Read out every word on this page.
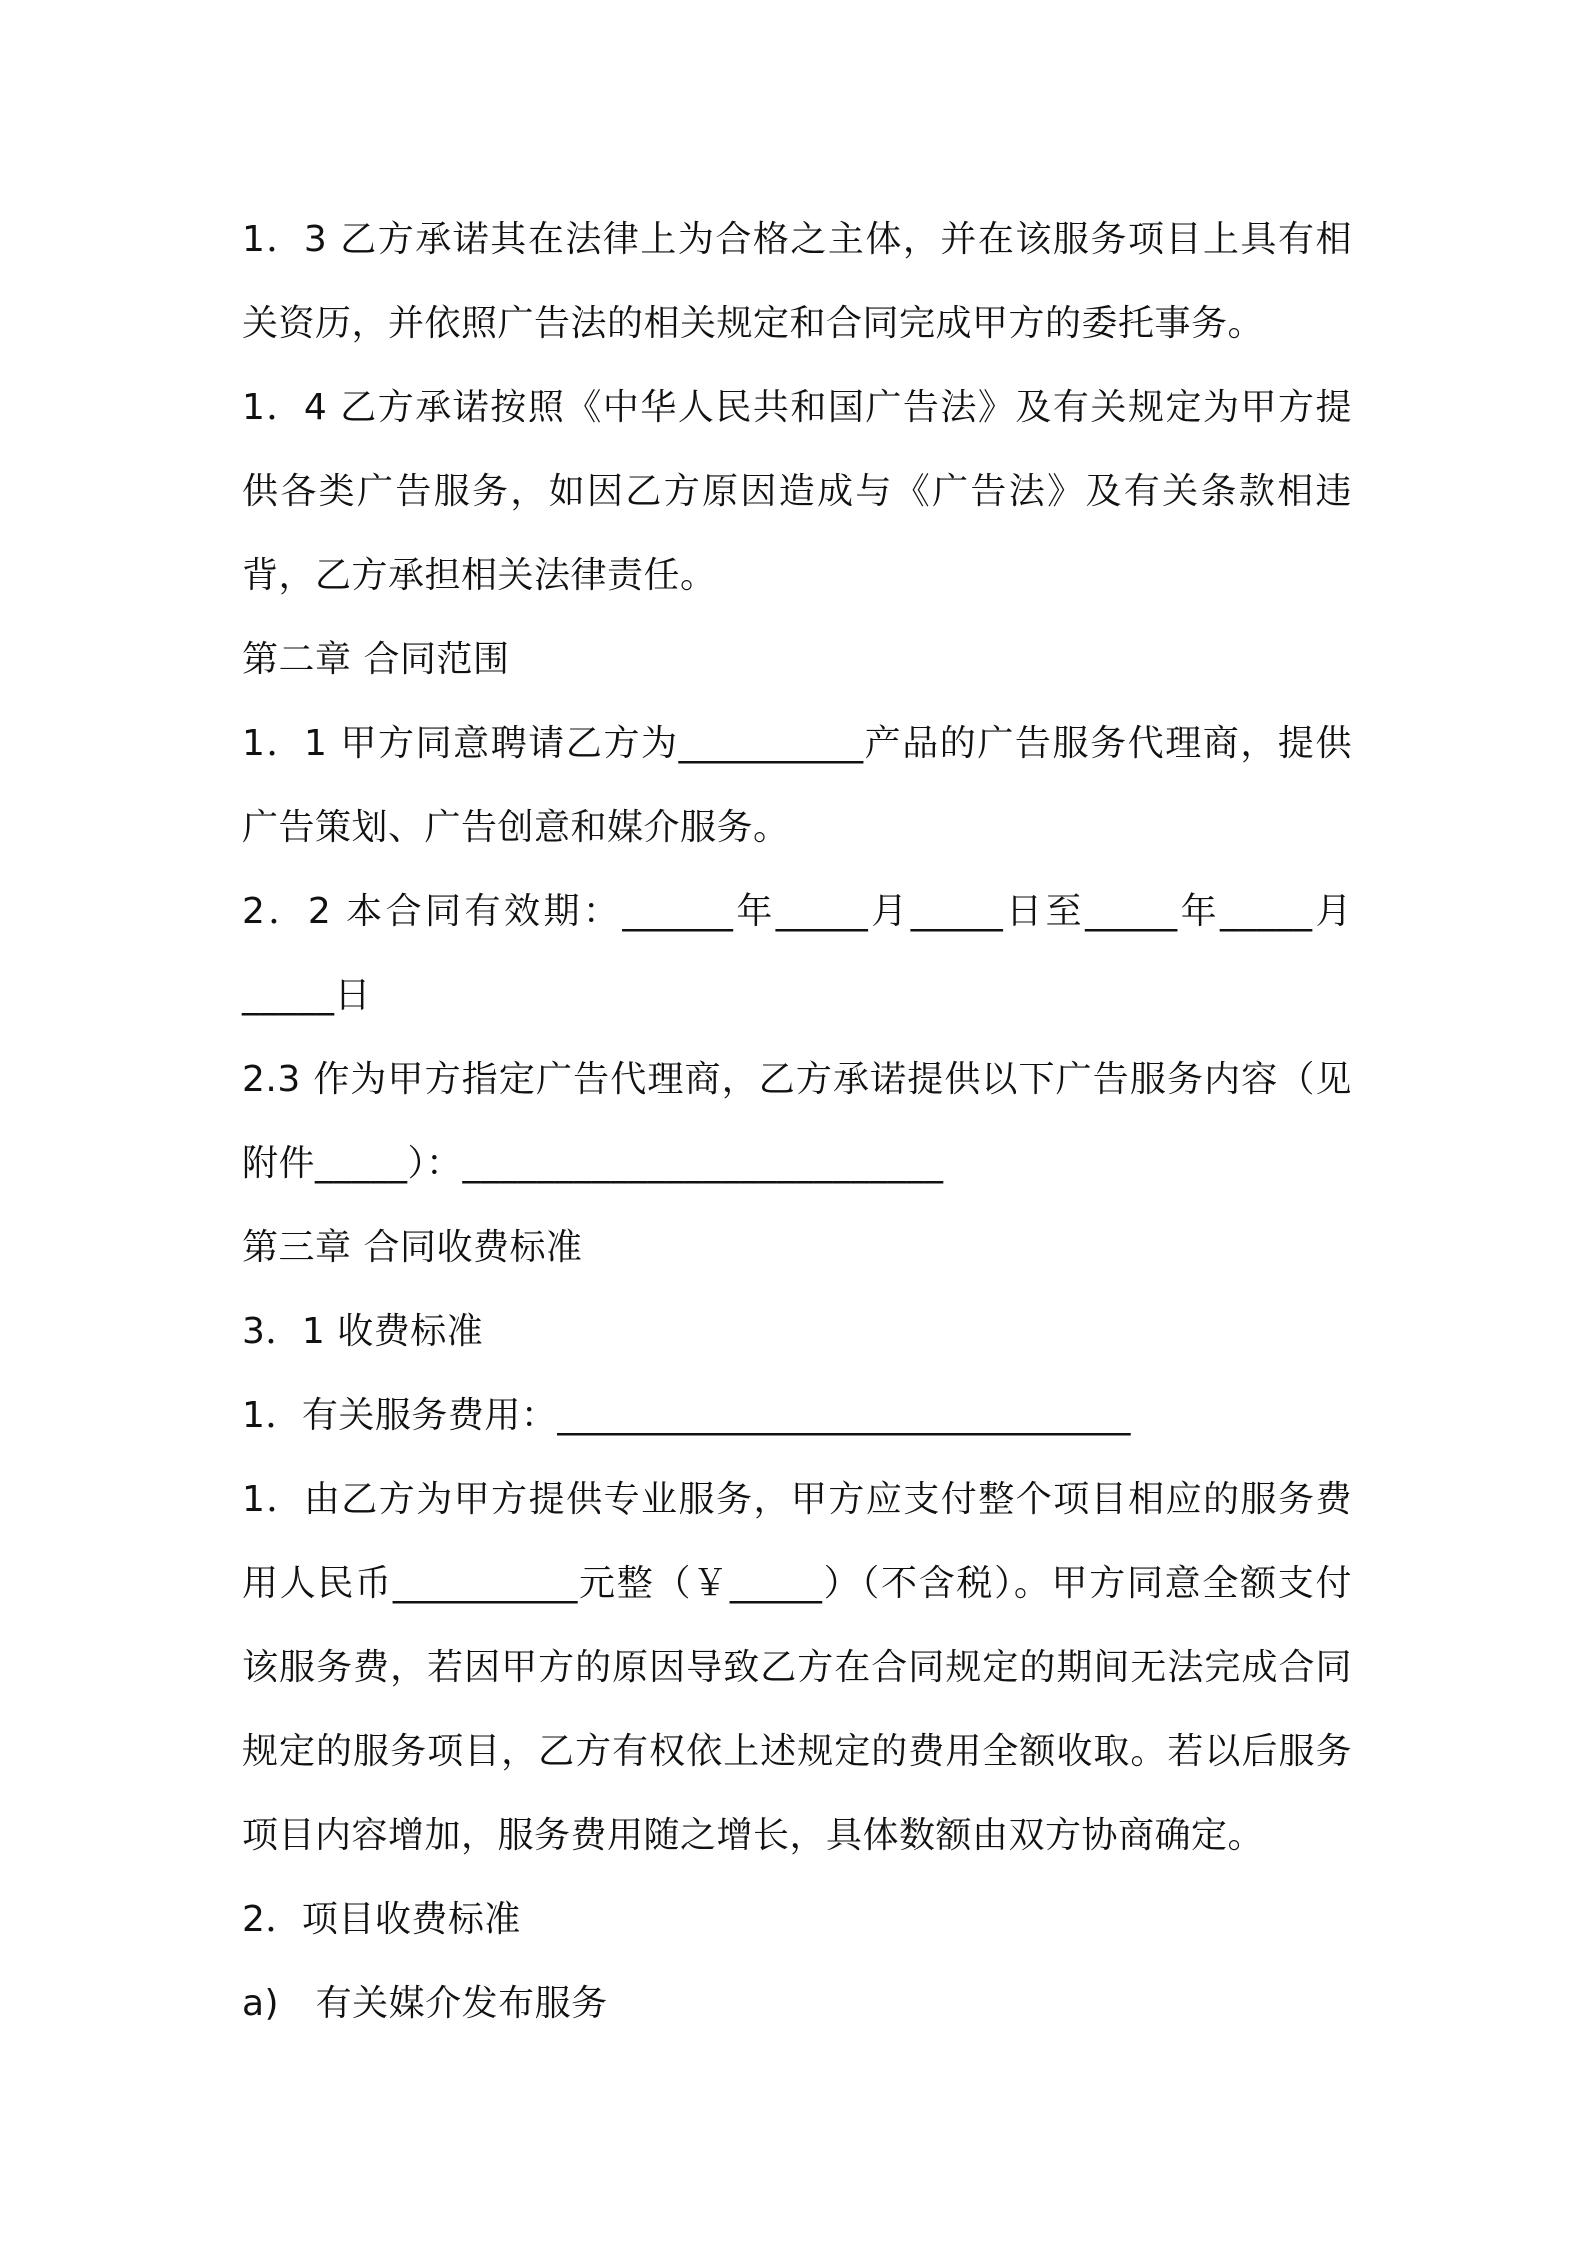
1．3 乙方承诺其在法律上为合格之主体，并在该服务项目上具有相关资历，并依照广告法的相关规定和合同完成甲方的委托事务。

1．4 乙方承诺按照《中华人民共和国广告法》及有关规定为甲方提供各类广告服务，如因乙方原因造成与《广告法》及有关条款相违背，乙方承担相关法律责任。

第二章 合同范围

1．1 甲方同意聘请乙方为__________产品的广告服务代理商，提供广告策划、广告创意和媒介服务。

2．2 本合同有效期：______年_____月_____日至_____年_____月_____日

2.3 作为甲方指定广告代理商，乙方承诺提供以下广告服务内容（见附件_____）：__________________________

第三章 合同收费标准

3．1 收费标准

1．有关服务费用：_______________________________

1．由乙方为甲方提供专业服务，甲方应支付整个项目相应的服务费用人民币__________元整（￥_____）（不含税）。甲方同意全额支付该服务费，若因甲方的原因导致乙方在合同规定的期间无法完成合同规定的服务项目，乙方有权依上述规定的费用全额收取。若以后服务项目内容增加，服务费用随之增长，具体数额由双方协商确定。

2．项目收费标准

a)　有关媒介发布服务
